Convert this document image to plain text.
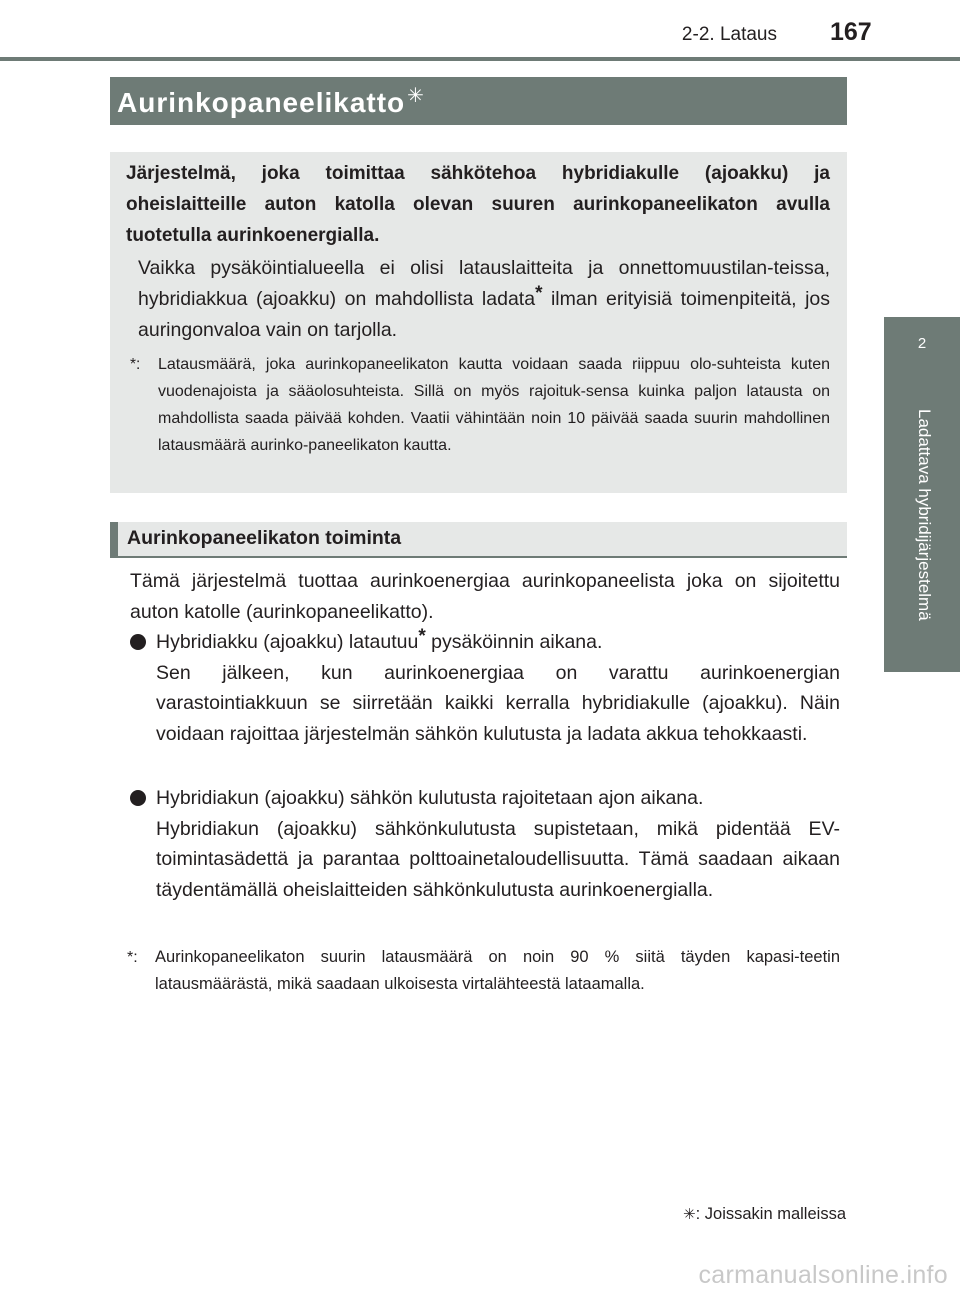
2-2. Lataus 167
2
Ladattava hybridijärjestelmä
Aurinkopaneelikatto ✳

Järjestelmä, joka toimittaa sähkötehoa hybridiakulle (ajoakku) ja oheislaitteille auton katolla olevan suuren aurinkopaneelikaton avulla tuotetulla aurinkoenergialla.

Vaikka pysäköintialueella ei olisi latauslaitteita ja onnettomuustilan-teissa, hybridiakkua (ajoakku) on mahdollista ladata* ilman erityisiä toimenpiteitä, jos auringonvaloa vain on tarjolla.

*: Latausmäärä, joka aurinkopaneelikaton kautta voidaan saada riippuu olo-suhteista kuten vuodenajoista ja sääolosuhteista. Sillä on myös rajoituk-sensa kuinka paljon latausta on mahdollista saada päivää kohden. Vaatii vähintään noin 10 päivää saada suurin mahdollinen latausmäärä aurinko-paneelikaton kautta.
Aurinkopaneelikaton toiminta

Tämä järjestelmä tuottaa aurinkoenergiaa aurinkopaneelista joka on sijoitettu auton katolle (aurinkopaneelikatto).

Hybridiakku (ajoakku) latautuu* pysäköinnin aikana.

Sen jälkeen, kun aurinkoenergiaa on varattu aurinkoenergian varastointiakkuun se siirretään kaikki kerralla hybridiakulle (ajoakku). Näin voidaan rajoittaa järjestelmän sähkön kulutusta ja ladata akkua tehokkaasti.

Hybridiakun (ajoakku) sähkön kulutusta rajoitetaan ajon aikana.

Hybridiakun (ajoakku) sähkönkulutusta supistetaan, mikä pidentää EV-toimintasädettä ja parantaa polttoainetaloudellisuutta. Tämä saadaan aikaan täydentämällä oheislaitteiden sähkönkulutusta aurinkoenergialla.

*: Aurinkopaneelikaton suurin latausmäärä on noin 90 % siitä täyden kapasi-teetin latausmäärästä, mikä saadaan ulkoisesta virtalähteestä lataamalla.
✳: Joissakin malleissa
carmanualsonline.info
